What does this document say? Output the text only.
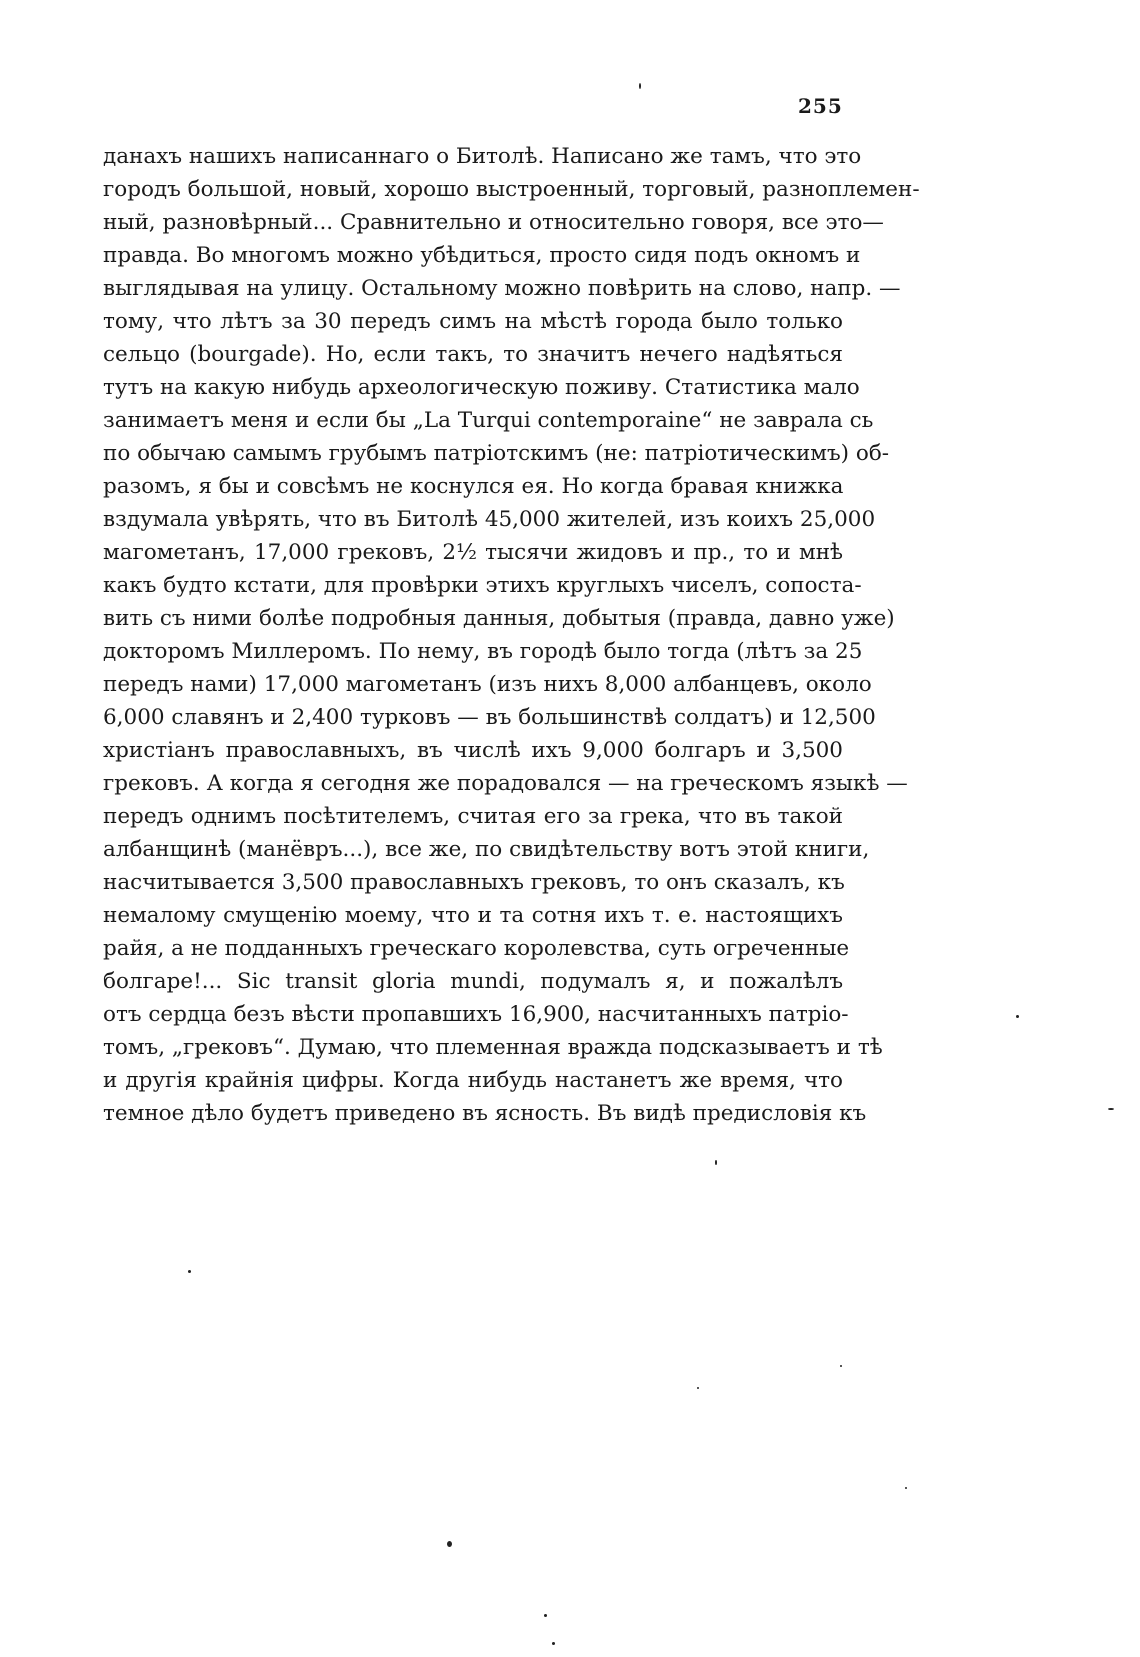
255
данахъ нашихъ написаннаго о Битолѣ. Написано же тамъ, что это
городъ большой, новый, хорошо выстроенный, торговый, разноплемен-
ный, разновѣрный... Сравнительно и относительно говоря, все это—
правда. Во многомъ можно убѣдиться, просто сидя подъ окномъ и
выглядывая на улицу. Остальному можно повѣрить на слово, напр. —
тому, что лѣтъ за 30 передъ симъ на мѣстѣ города было только
сельцо (bourgade). Но, если такъ, то значитъ нечего надѣяться
тутъ на какую нибудь археологическую поживу. Статистика мало
занимаетъ меня и если бы „La Turqui contemporaine“ не заврала сь
по обычаю самымъ грубымъ патріотскимъ (не: патріотическимъ) об-
разомъ, я бы и совсѣмъ не коснулся ея. Но когда бравая книжка
вздумала увѣрять, что въ Битолѣ 45,000 жителей, изъ коихъ 25,000
магометанъ, 17,000 грековъ, 2½ тысячи жидовъ и пр., то и мнѣ
какъ будто кстати, для провѣрки этихъ круглыхъ чиселъ, сопоста-
вить съ ними болѣе подробныя данныя, добытыя (правда, давно уже)
докторомъ Миллеромъ. По нему, въ городѣ было тогда (лѣтъ за 25
передъ нами) 17,000 магометанъ (изъ нихъ 8,000 албанцевъ, около
6,000 славянъ и 2,400 турковъ — въ большинствѣ солдатъ) и 12,500
христіанъ православныхъ, въ числѣ ихъ 9,000 болгаръ и 3,500
грековъ. А когда я сегодня же порадовался — на греческомъ языкѣ —
передъ однимъ посѣтителемъ, считая его за грека, что въ такой
албанщинѣ (манёвръ...), все же, по свидѣтельству вотъ этой книги,
насчитывается 3,500 православныхъ грековъ, то онъ сказалъ, къ
немалому смущенію моему, что и та сотня ихъ т. е. настоящихъ
райя, а не подданныхъ греческаго королевства, суть огреченные
болгаре!... Sic transit gloria mundi, подумалъ я, и пожалѣлъ
отъ сердца безъ вѣсти пропавшихъ 16,900, насчитанныхъ патріо-
томъ, „грековъ“. Думаю, что племенная вражда подсказываетъ и тѣ
и другія крайнія цифры. Когда нибудь настанетъ же время, что
темное дѣло будетъ приведено въ ясность. Въ видѣ предисловія къ
